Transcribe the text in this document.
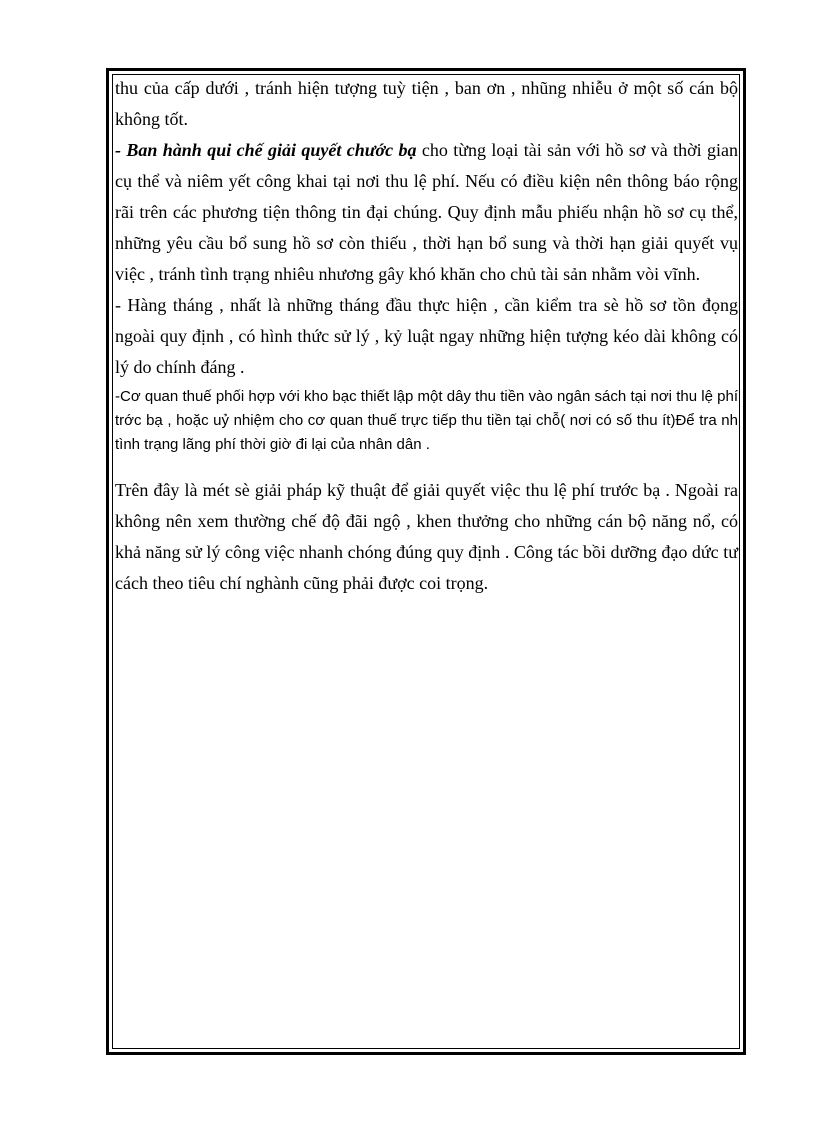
thu của cấp dưới , tránh hiện tượng tuỳ tiện , ban ơn , nhũng nhiễu ở một số cán bộ không tốt.

- Ban hành qui chế giải quyết chước bạ cho từng loại tài sản với hồ sơ và thời gian cụ thể và niêm yết công khai tại nơi thu lệ phí. Nếu có điều kiện nên thông báo rộng rãi trên các phương tiện thông tin đại chúng. Quy định mẫu phiếu nhận hồ sơ cụ thể, những yêu cầu bổ sung hồ sơ còn thiếu , thời hạn bổ sung và thời hạn giải quyết vụ việc , tránh tình trạng nhiêu nhương gây khó khăn cho chủ tài sản nhằm vòi vĩnh.

- Hàng tháng , nhất là những tháng đầu thực hiện , cần kiểm tra sè hồ sơ tồn đọng ngoài quy định , có hình thức sử lý , kỷ luật ngay những hiện tượng kéo dài không có lý do chính đáng .

-Cơ quan thuế phối hợp với kho bạc thiết lập một dây thu tiền vào ngân sách tại nơi thu lệ phí trớc bạ , hoặc uỷ nhiệm cho cơ quan thuế trực tiếp thu tiền tại chỗ( nơi có số thu ít)Để tra nh tình trạng lãng phí thời giờ đi lại của nhân dân .

Trên đây là mét sè giải pháp kỹ thuật để giải quyết việc thu lệ phí trước bạ . Ngoài ra không nên xem thường chế độ đãi ngộ , khen thưởng cho những cán bộ năng nổ, có khả năng sử lý công việc nhanh chóng đúng quy định . Công tác bồi dưỡng đạo dức tư cách theo tiêu chí nghành cũng phải được coi trọng.
